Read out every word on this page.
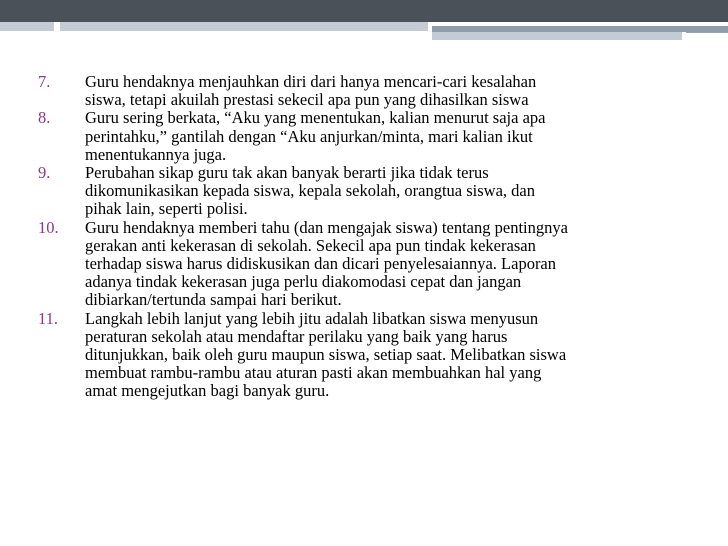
7. Guru hendaknya menjauhkan diri dari hanya mencari-cari kesalahan
siswa, tetapi akuilah prestasi sekecil apa pun yang dihasilkan siswa
8. Guru sering berkata, “Aku yang menentukan, kalian menurut saja apa
perintahku,” gantilah dengan “Aku anjurkan/minta, mari kalian ikut
menentukannya juga.
9. Perubahan sikap guru tak akan banyak berarti jika tidak terus
dikomunikasikan kepada siswa, kepala sekolah, orangtua siswa, dan
pihak lain, seperti polisi.
10. Guru hendaknya memberi tahu (dan mengajak siswa) tentang pentingnya
gerakan anti kekerasan di sekolah. Sekecil apa pun tindak kekerasan
terhadap siswa harus didiskusikan dan dicari penyelesaiannya. Laporan
adanya tindak kekerasan juga perlu diakomodasi cepat dan jangan
dibiarkan/tertunda sampai hari berikut.
11. Langkah lebih lanjut yang lebih jitu adalah libatkan siswa menyusun
peraturan sekolah atau mendaftar perilaku yang baik yang harus
ditunjukkan, baik oleh guru maupun siswa, setiap saat. Melibatkan siswa
membuat rambu-rambu atau aturan pasti akan membuahkan hal yang
amat mengejutkan bagi banyak guru.
